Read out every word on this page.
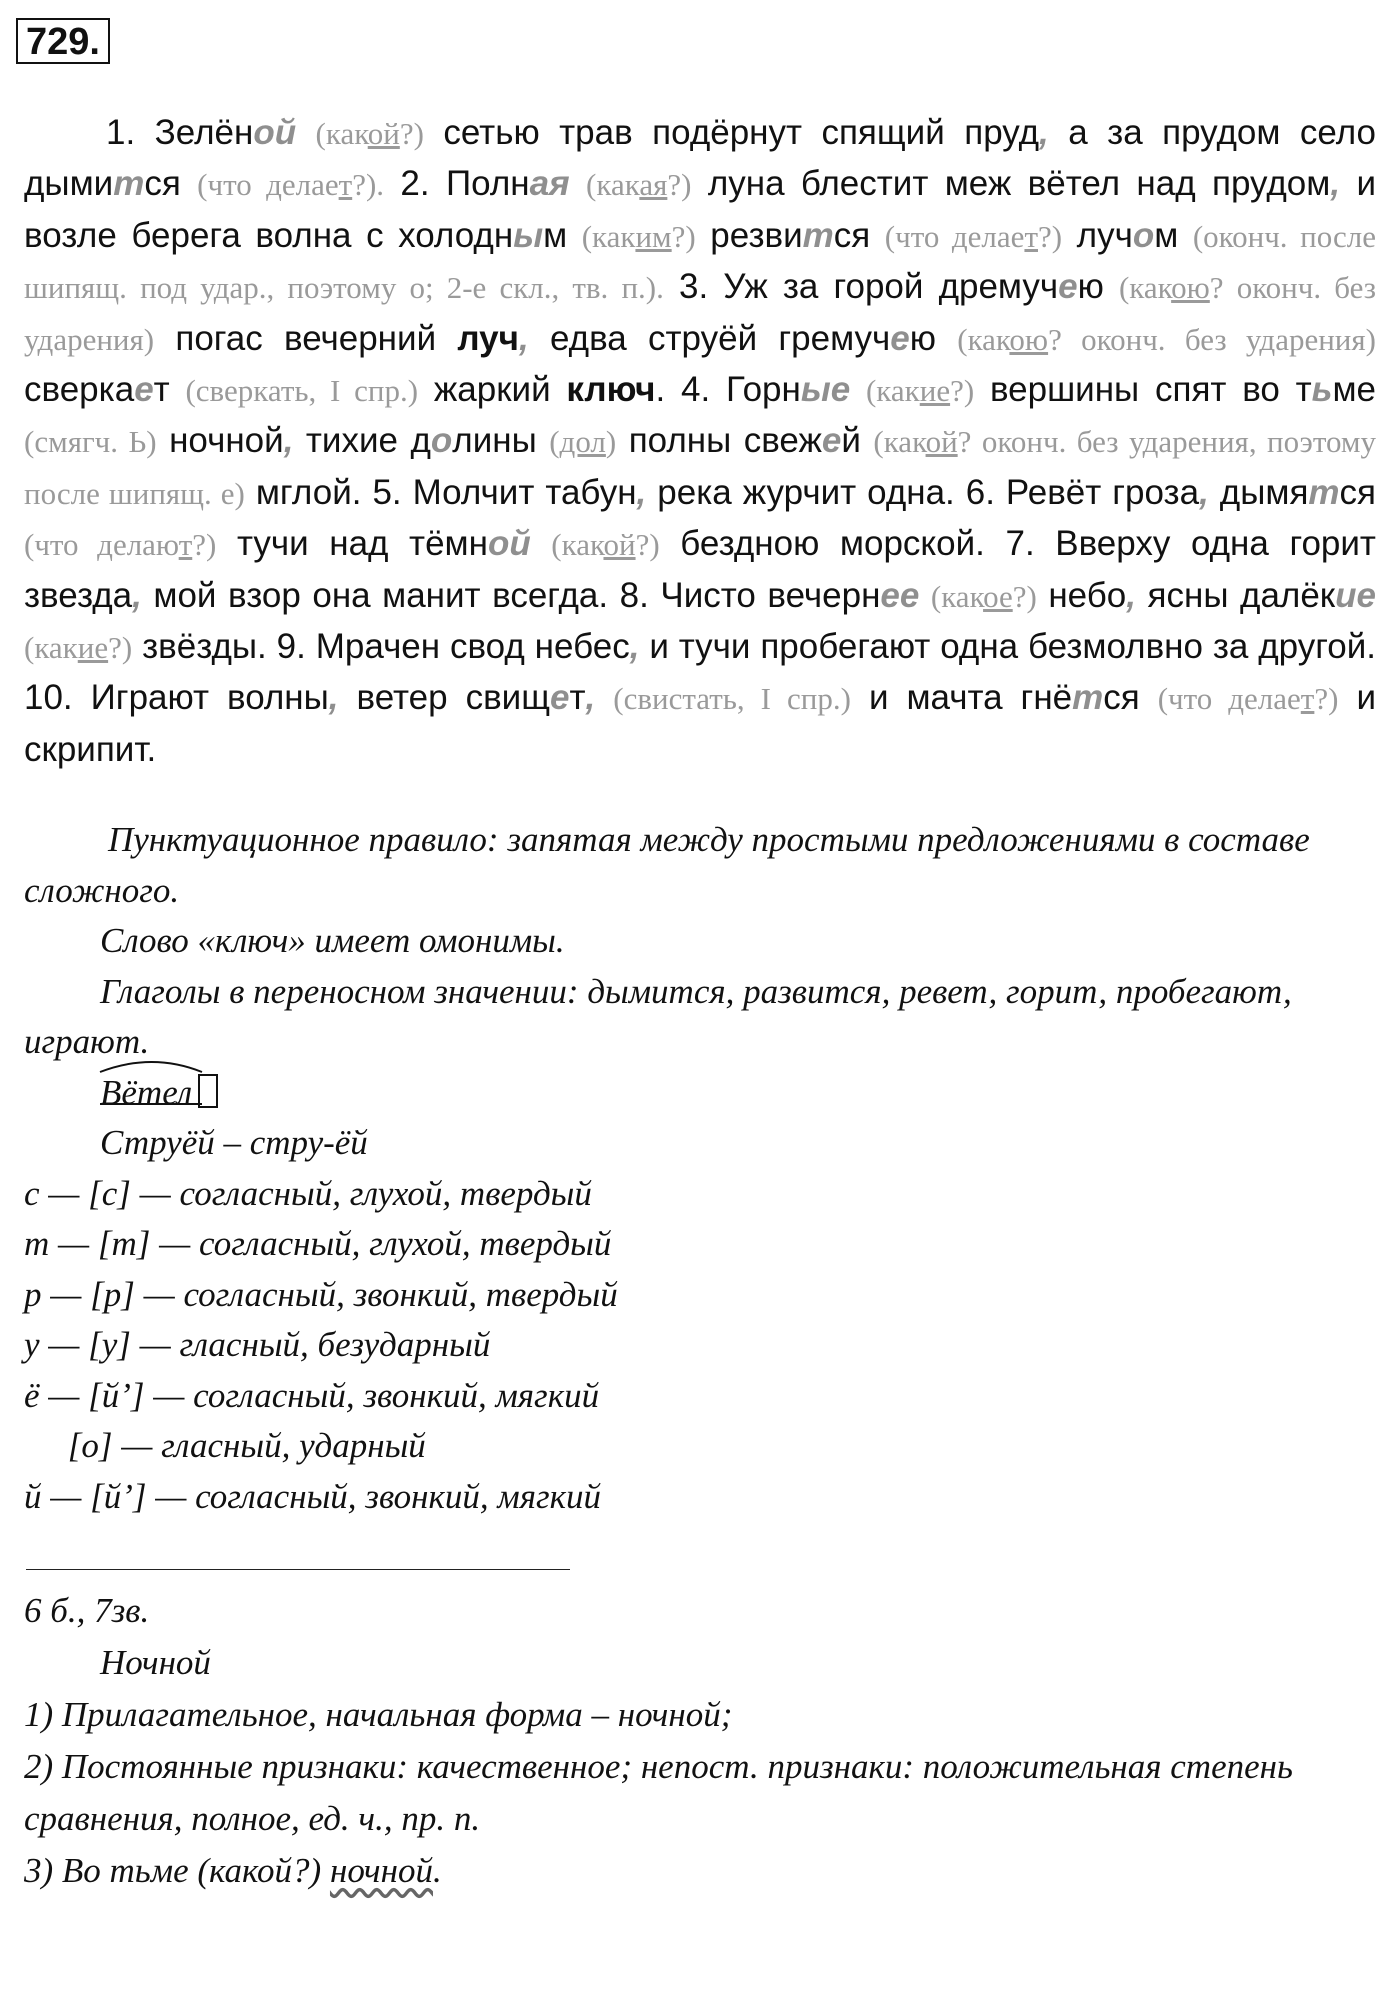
729.
1. Зелёной (какой?) сетью трав подёрнут спящий пруд, а за прудом село дымится (что делает?). 2. Полная (какая?) луна блестит меж вётел над прудом, и возле берега волна с холодным (каким?) резвится (что делает?) лучом (оконч. после шипящ. под удар., поэтому о; 2-е скл., тв. п.). 3. Уж за горой дремучею (какою? оконч. без ударения) погас вечерний луч, едва струёй гремучею (какою? оконч. без ударения) сверкает (сверкать, I спр.) жаркий ключ. 4. Горные (какие?) вершины спят во тьме (смягч. Ь) ночной, тихие долины (дол) полны свежей (какой? оконч. без ударения, поэтому после шипящ. е) мглой. 5. Молчит табун, река журчит одна. 6. Ревёт гроза, дымятся (что делают?) тучи над тёмной (какой?) бездною морской. 7. Вверху одна горит звезда, мой взор она манит всегда. 8. Чисто вечернее (какое?) небо, ясны далёкие (какие?) звёзды. 9. Мрачен свод небес, и тучи пробегают одна безмолвно за другой. 10. Играют волны, ветер свищет, (свистать, I спр.) и мачта гнётся (что делает?) и скрипит.

Пунктуационное правило: запятая между простыми предложениями в составе сложного.

Слово «ключ» имеет омонимы.

Глаголы в переносном значении: дымится, развится, ревет, горит, пробегают, играют.

Вётел

Струёй – стру-ёй

с — [с] — согласный, глухой, твердый

т — [т] — согласный, глухой, твердый

р — [р] — согласный, звонкий, твердый

у — [у] — гласный, безударный

ё — [й’] — согласный, звонкий, мягкий

[о] — гласный, ударный

й — [й’] — согласный, звонкий, мягкий

6 б., 7зв.

Ночной

1) Прилагательное, начальная форма – ночной;

2) Постоянные признаки: качественное; непост. признаки: положительная степень сравнения, полное, ед. ч., пр. п.

3) Во тьме (какой?) ночной.
